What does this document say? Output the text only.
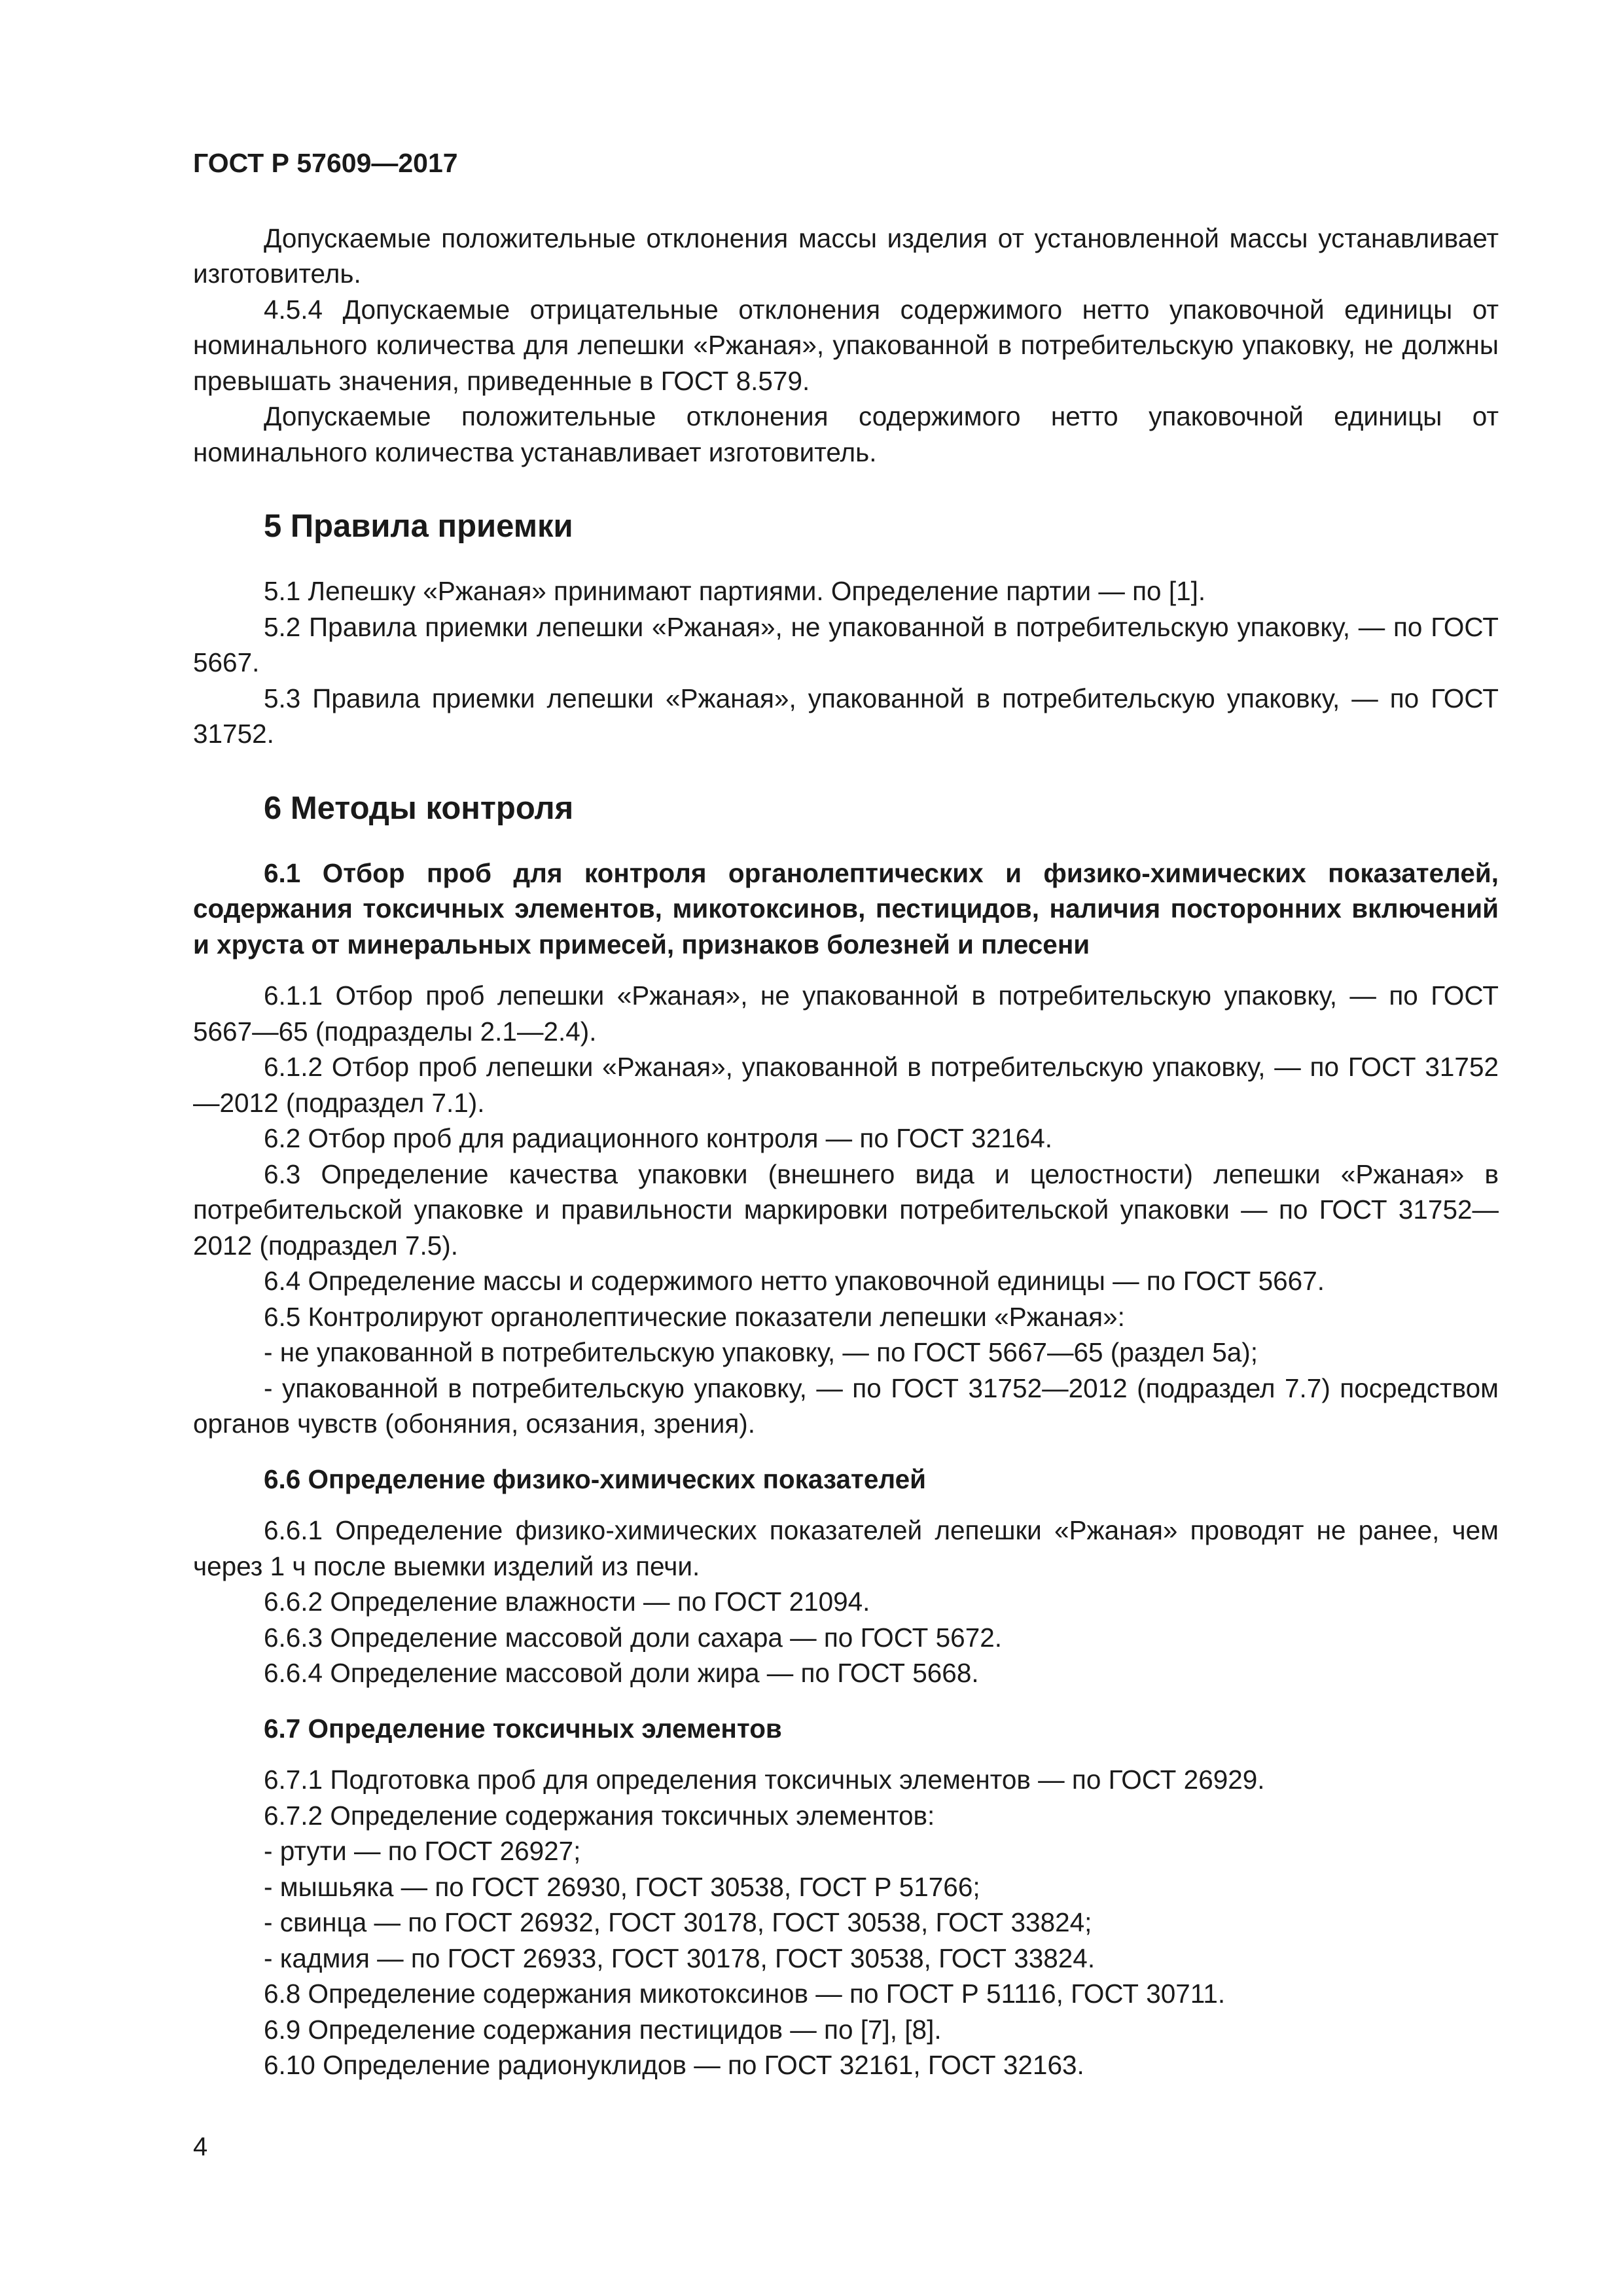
ГОСТ Р 57609—2017

Допускаемые положительные отклонения массы изделия от установленной массы устанавливает изготовитель.

4.5.4 Допускаемые отрицательные отклонения содержимого нетто упаковочной единицы от номинального количества для лепешки «Ржаная», упакованной в потребительскую упаковку, не должны превышать значения, приведенные в ГОСТ 8.579.

Допускаемые положительные отклонения содержимого нетто упаковочной единицы от номинального количества устанавливает изготовитель.

5 Правила приемки

5.1 Лепешку «Ржаная» принимают партиями. Определение партии — по [1].

5.2 Правила приемки лепешки «Ржаная», не упакованной в потребительскую упаковку, — по ГОСТ 5667.

5.3 Правила приемки лепешки «Ржаная», упакованной в потребительскую упаковку, — по ГОСТ 31752.

6 Методы контроля
6.1 Отбор проб для контроля органолептических и физико-химических показателей, содержания токсичных элементов, микотоксинов, пестицидов, наличия посторонних включений и хруста от минеральных примесей, признаков болезней и плесени

6.1.1 Отбор проб лепешки «Ржаная», не упакованной в потребительскую упаковку, — по ГОСТ 5667—65 (подразделы 2.1—2.4).

6.1.2 Отбор проб лепешки «Ржаная», упакованной в потребительскую упаковку, — по ГОСТ 31752—2012 (подраздел 7.1).

6.2 Отбор проб для радиационного контроля — по ГОСТ 32164.

6.3 Определение качества упаковки (внешнего вида и целостности) лепешки «Ржаная» в потребительской упаковке и правильности маркировки потребительской упаковки — по ГОСТ 31752—2012 (подраздел 7.5).

6.4 Определение массы и содержимого нетто упаковочной единицы — по ГОСТ 5667.

6.5 Контролируют органолептические показатели лепешки «Ржаная»:

- не упакованной в потребительскую упаковку, — по ГОСТ 5667—65 (раздел 5а);

- упакованной в потребительскую упаковку, — по ГОСТ 31752—2012 (подраздел 7.7) посредством органов чувств (обоняния, осязания, зрения).

6.6 Определение физико-химических показателей

6.6.1 Определение физико-химических показателей лепешки «Ржаная» проводят не ранее, чем через 1 ч после выемки изделий из печи.

6.6.2 Определение влажности — по ГОСТ 21094.

6.6.3 Определение массовой доли сахара — по ГОСТ 5672.

6.6.4 Определение массовой доли жира — по ГОСТ 5668.

6.7 Определение токсичных элементов

6.7.1 Подготовка проб для определения токсичных элементов — по ГОСТ 26929.

6.7.2 Определение содержания токсичных элементов:

- ртути — по ГОСТ 26927;

- мышьяка — по ГОСТ 26930, ГОСТ 30538, ГОСТ Р 51766;

- свинца — по ГОСТ 26932, ГОСТ 30178, ГОСТ 30538, ГОСТ 33824;

- кадмия — по ГОСТ 26933, ГОСТ 30178, ГОСТ 30538, ГОСТ 33824.

6.8 Определение содержания микотоксинов — по ГОСТ Р 51116, ГОСТ 30711.

6.9 Определение содержания пестицидов — по [7], [8].

6.10 Определение радионуклидов — по ГОСТ 32161, ГОСТ 32163.

4
